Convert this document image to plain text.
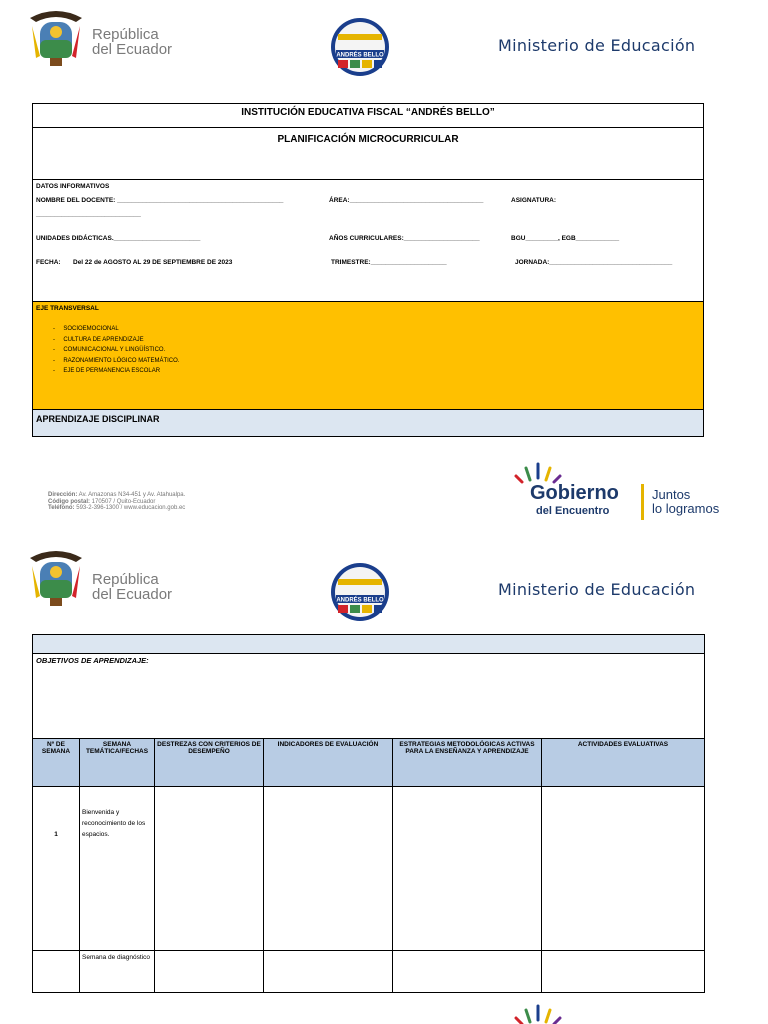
República
del Ecuador	ANDRÉS BELLO
Ministerio de Educación
INSTITUCIÓN EDUCATIVA FISCAL “ANDRÉS BELLO”
PLANIFICACIÓN MICROCURRICULAR
DATOS INFORMATIVOS
NOMBRE DEL DOCENTE: ______________________________________________	ÁREA:_____________________________________	ASIGNATURA:
_____________________________
UNIDADES DIDÁCTICAS.________________________	AÑOS CURRICULARES:_____________________	BGU_________, EGB____________
FECHA: Del 22 de AGOSTO AL 29 DE SEPTIEMBRE DE 2023	TRIMESTRE:_____________________	JORNADA:__________________________________
EJE TRANSVERSAL
-     SOCIOEMOCIONAL
-     CULTURA DE APRENDIZAJE
-     COMUNICACIONAL Y LINGÜÍSTICO.
-     RAZONAMIENTO LÓGICO MATEMÁTICO.
-     EJE DE PERMANENCIA ESCOLAR
APRENDIZAJE DISCIPLINAR
Dirección: Av. Amazonas N34-451 y Av. Atahualpa.
Código postal: 170507 / Quito-Ecuador
Teléfono: 593-2-396-1300 / www.educacion.gob.ec
Gobierno
del Encuentro
Juntos
lo logramos
República
del Ecuador	ANDRÉS BELLO
Ministerio de Educación
OBJETIVOS DE APRENDIZAJE:
Nº DE SEMANA	SEMANA TEMÁTICA/FECHAS	DESTREZAS CON CRITERIOS DE DESEMPEÑO	INDICADORES DE EVALUACIÓN	ESTRATEGIAS METODOLÓGICAS ACTIVAS PARA LA ENSEÑANZA Y APRENDIZAJE	ACTIVIDADES EVALUATIVAS
1	Bienvenida y reconocimiento de los espacios.				
	Semana de diagnóstico				
